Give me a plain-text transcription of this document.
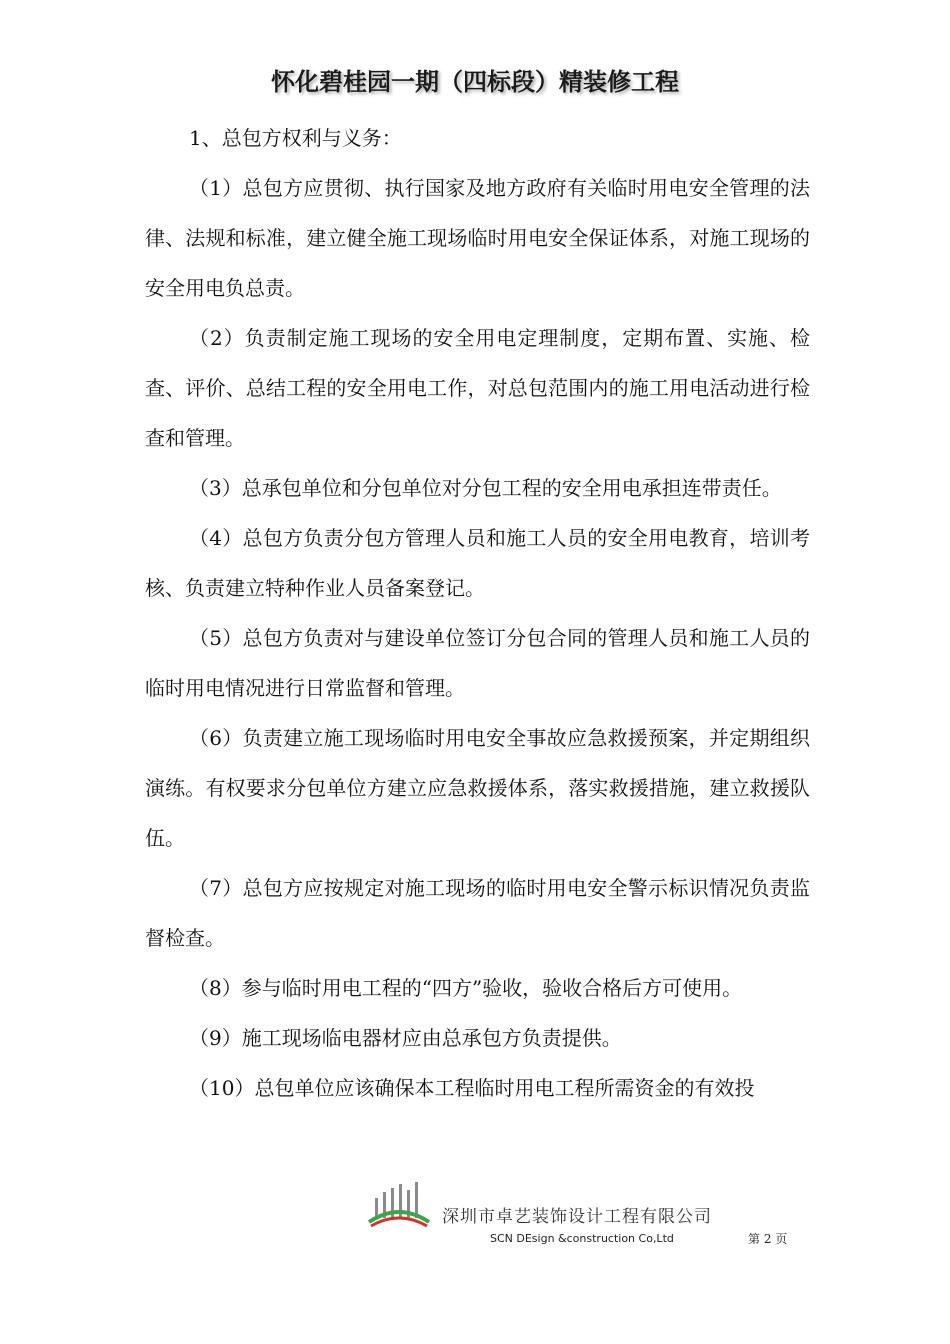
怀化碧桂园一期（四标段）精装修工程

1、总包方权利与义务：

（1）总包方应贯彻、执行国家及地方政府有关临时用电安全管理的法律、法规和标准，建立健全施工现场临时用电安全保证体系，对施工现场的安全用电负总责。

（2）负责制定施工现场的安全用电定理制度，定期布置、实施、检查、评价、总结工程的安全用电工作，对总包范围内的施工用电活动进行检查和管理。

（3）总承包单位和分包单位对分包工程的安全用电承担连带责任。

（4）总包方负责分包方管理人员和施工人员的安全用电教育，培训考核、负责建立特种作业人员备案登记。

（5）总包方负责对与建设单位签订分包合同的管理人员和施工人员的临时用电情况进行日常监督和管理。

（6）负责建立施工现场临时用电安全事故应急救援预案，并定期组织演练。有权要求分包单位方建立应急救援体系，落实救援措施，建立救援队伍。

（7）总包方应按规定对施工现场的临时用电安全警示标识情况负责监督检查。

（8）参与临时用电工程的“四方”验收，验收合格后方可使用。

（9）施工现场临电器材应由总承包方负责提供。

（10）总包单位应该确保本工程临时用电工程所需资金的有效投

深圳市卓艺装饰设计工程有限公司
SCN DEsign &construction Co,Ltd	第 2 页
